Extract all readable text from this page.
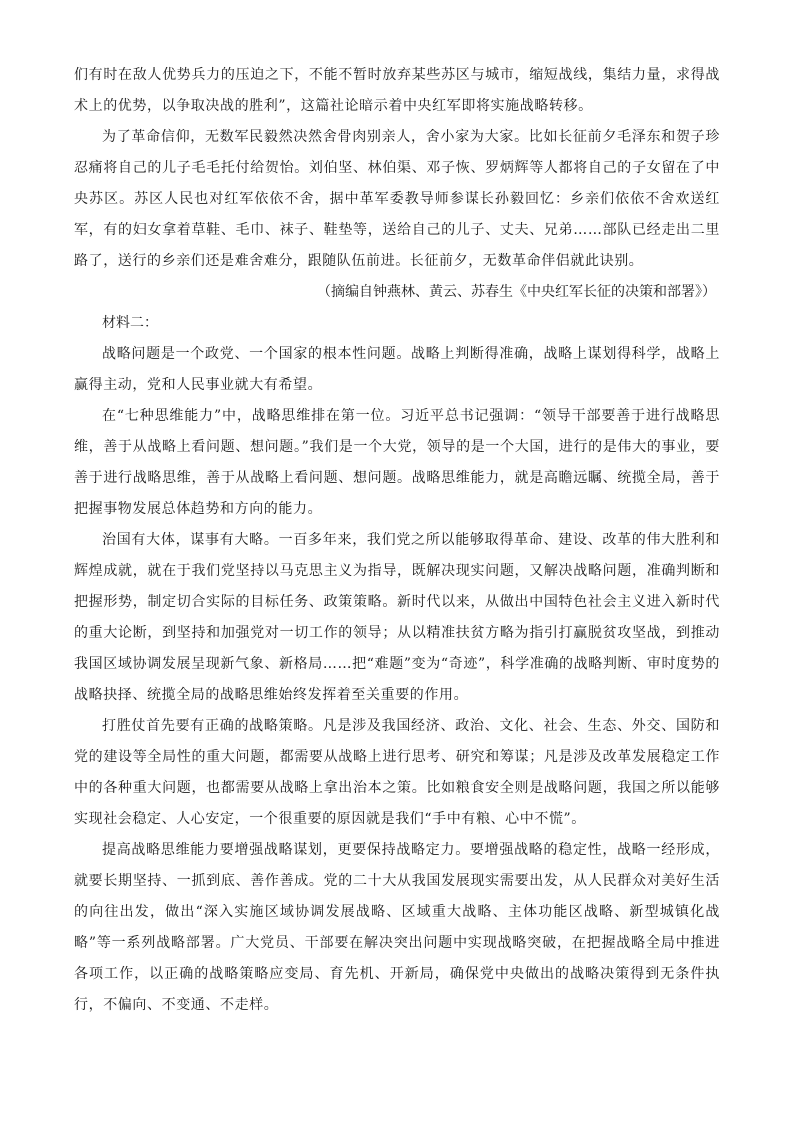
们有时在敌人优势兵力的压迫之下，不能不暂时放弃某些苏区与城市，缩短战线，集结力量，求得战术上的优势，以争取决战的胜利”，这篇社论暗示着中央红军即将实施战略转移。

为了革命信仰，无数军民毅然决然舍骨肉别亲人，舍小家为大家。比如长征前夕毛泽东和贺子珍忍痛将自己的儿子毛毛托付给贺怡。刘伯坚、林伯渠、邓子恢、罗炳辉等人都将自己的子女留在了中央苏区。苏区人民也对红军依依不舍，据中革军委教导师参谋长孙毅回忆：乡亲们依依不舍欢送红军，有的妇女拿着草鞋、毛巾、袜子、鞋垫等，送给自己的儿子、丈夫、兄弟……部队已经走出二里路了，送行的乡亲们还是难舍难分，跟随队伍前进。长征前夕，无数革命伴侣就此诀别。

（摘编自钟燕林、黄云、苏春生《中央红军长征的决策和部署》）

材料二：

战略问题是一个政党、一个国家的根本性问题。战略上判断得准确，战略上谋划得科学，战略上赢得主动，党和人民事业就大有希望。

在“七种思维能力”中，战略思维排在第一位。习近平总书记强调：“领导干部要善于进行战略思维，善于从战略上看问题、想问题。”我们是一个大党，领导的是一个大国，进行的是伟大的事业，要善于进行战略思维，善于从战略上看问题、想问题。战略思维能力，就是高瞻远瞩、统揽全局，善于把握事物发展总体趋势和方向的能力。

治国有大体，谋事有大略。一百多年来，我们党之所以能够取得革命、建设、改革的伟大胜利和辉煌成就，就在于我们党坚持以马克思主义为指导，既解决现实问题，又解决战略问题，准确判断和把握形势，制定切合实际的目标任务、政策策略。新时代以来，从做出中国特色社会主义进入新时代的重大论断，到坚持和加强党对一切工作的领导；从以精准扶贫方略为指引打赢脱贫攻坚战，到推动我国区域协调发展呈现新气象、新格局……把“难题”变为“奇迹”，科学准确的战略判断、审时度势的战略抉择、统揽全局的战略思维始终发挥着至关重要的作用。

打胜仗首先要有正确的战略策略。凡是涉及我国经济、政治、文化、社会、生态、外交、国防和党的建设等全局性的重大问题，都需要从战略上进行思考、研究和筹谋；凡是涉及改革发展稳定工作中的各种重大问题，也都需要从战略上拿出治本之策。比如粮食安全则是战略问题，我国之所以能够实现社会稳定、人心安定，一个很重要的原因就是我们“手中有粮、心中不慌”。

提高战略思维能力要增强战略谋划，更要保持战略定力。要增强战略的稳定性，战略一经形成，就要长期坚持、一抓到底、善作善成。党的二十大从我国发展现实需要出发，从人民群众对美好生活的向往出发，做出“深入实施区域协调发展战略、区域重大战略、主体功能区战略、新型城镇化战略”等一系列战略部署。广大党员、干部要在解决突出问题中实现战略突破，在把握战略全局中推进各项工作，以正确的战略策略应变局、育先机、开新局，确保党中央做出的战略决策得到无条件执行，不偏向、不变通、不走样。
